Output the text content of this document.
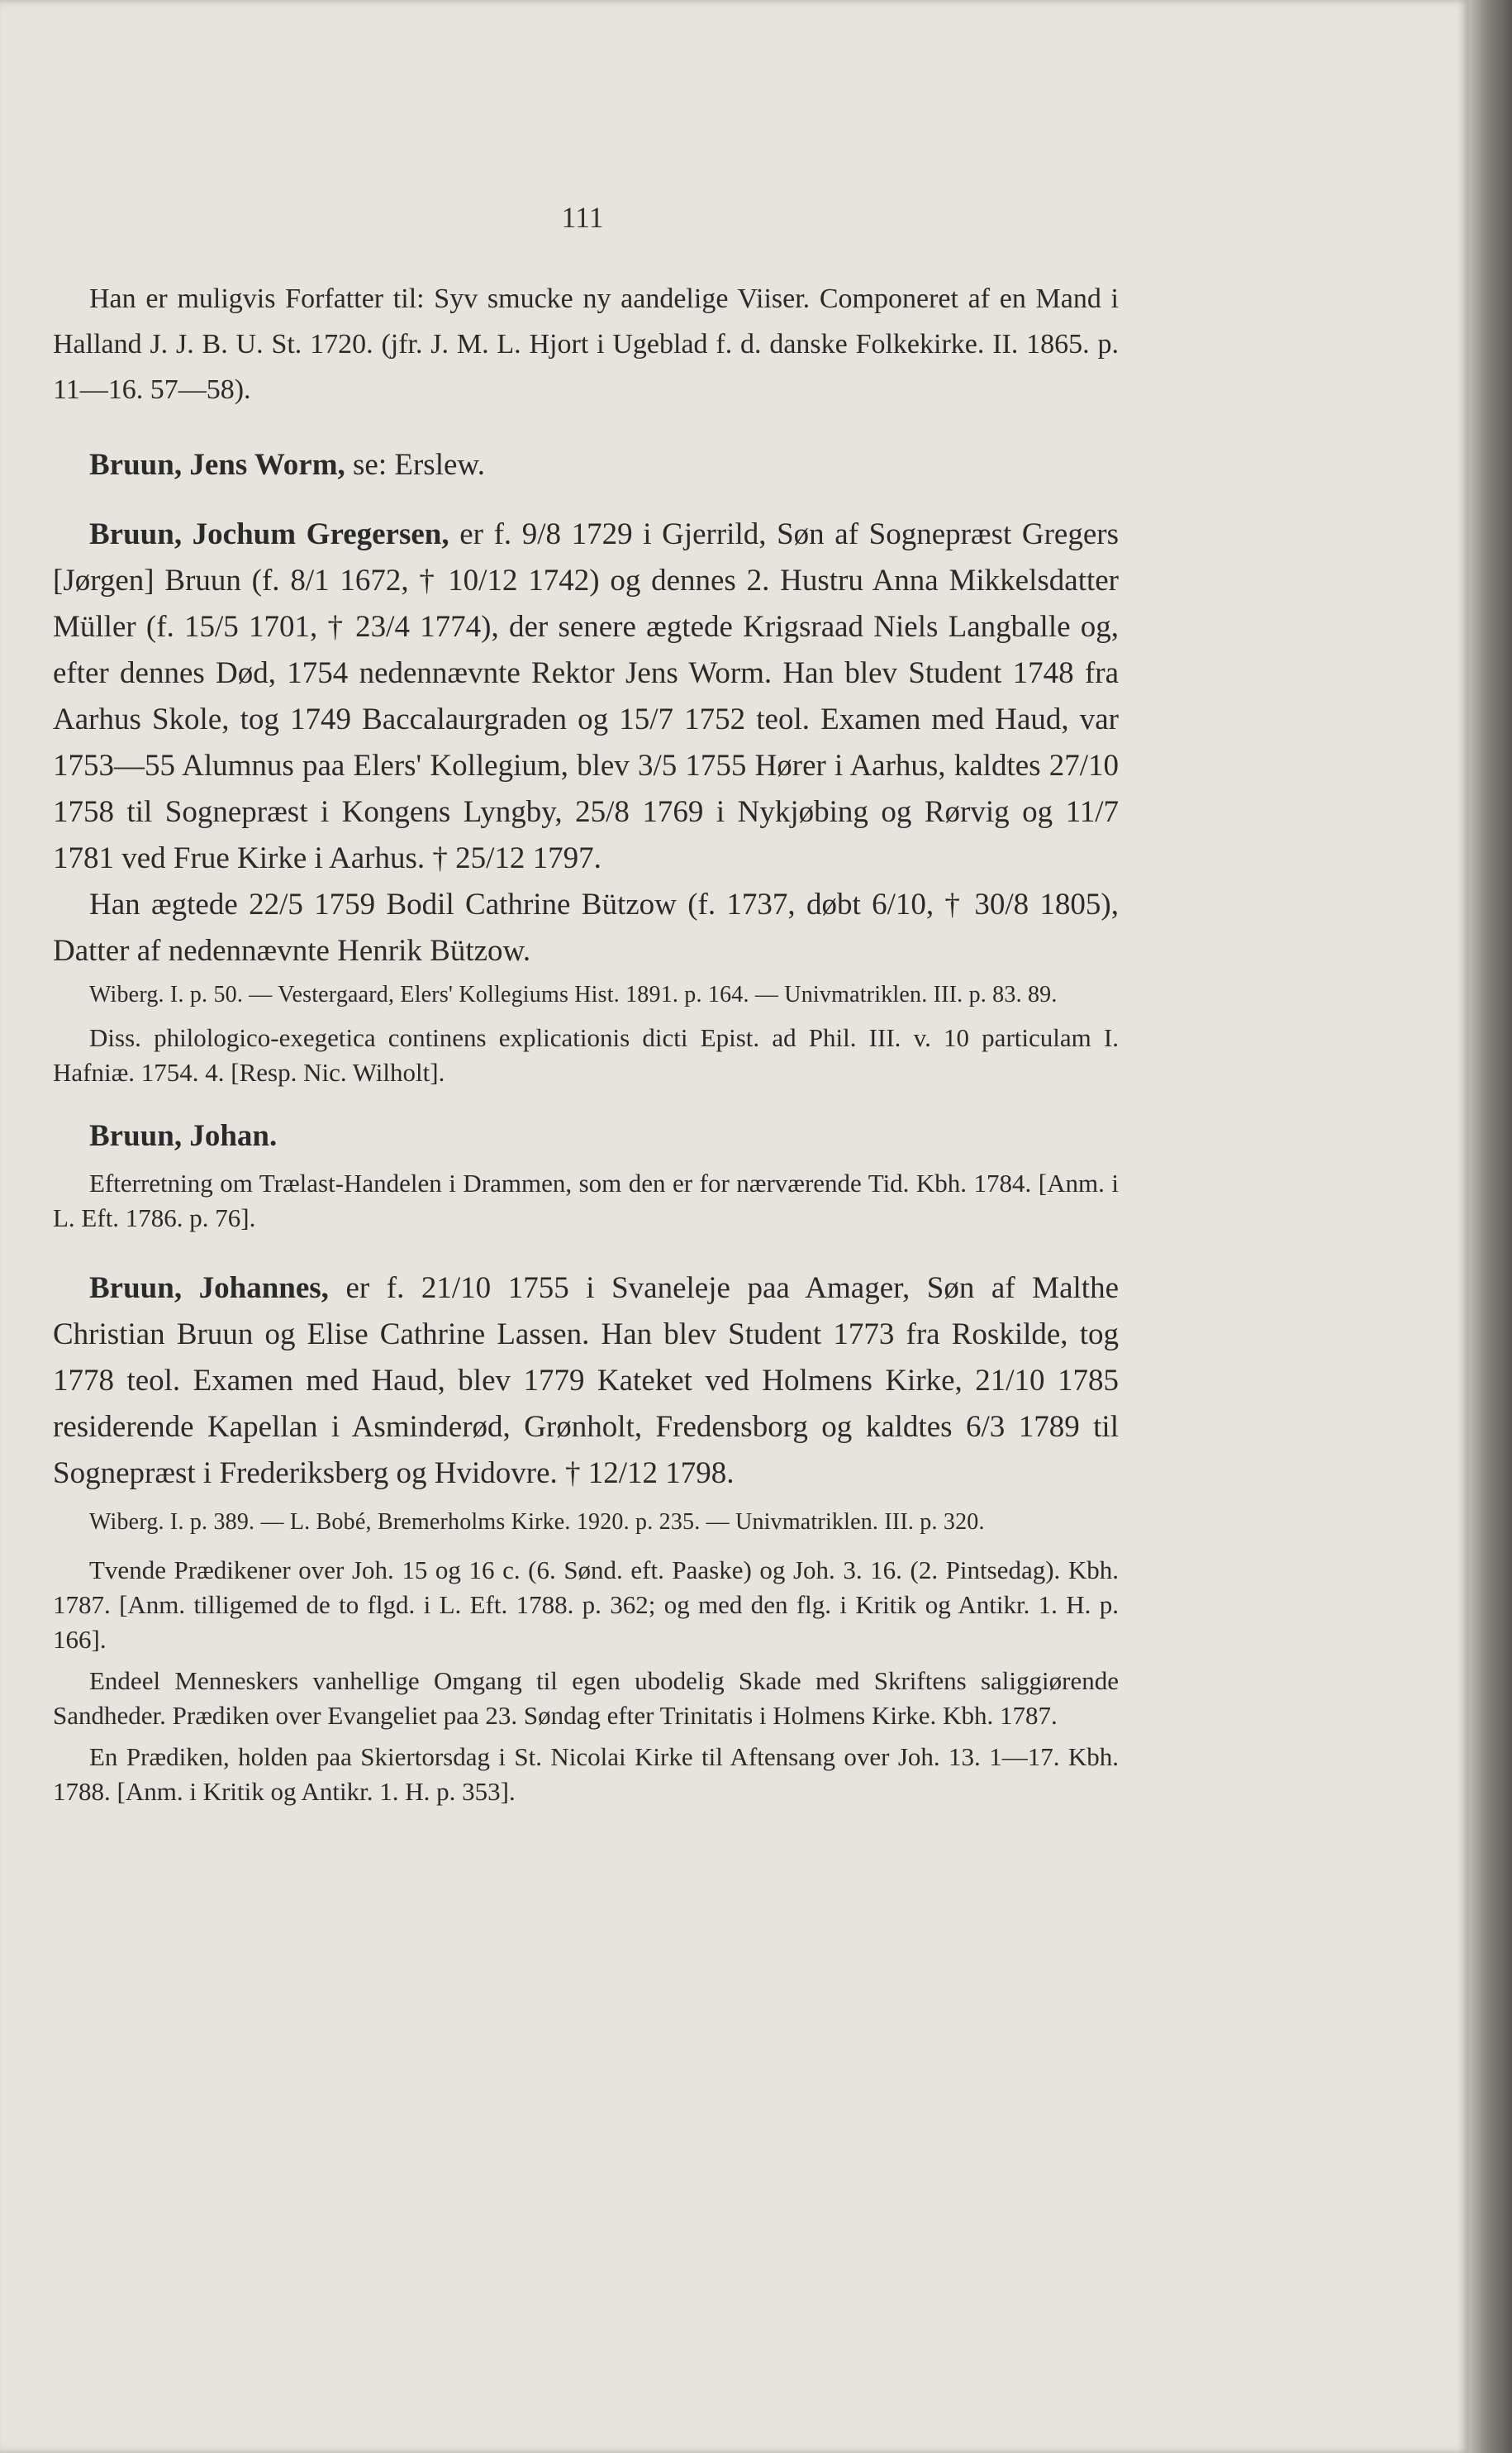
111

Han er muligvis Forfatter til: Syv smucke ny aandelige Viiser. Componeret af en Mand i Halland J. J. B. U. St. 1720. (jfr. J. M. L. Hjort i Ugeblad f. d. danske Folkekirke. II. 1865. p. 11—16. 57—58).

Bruun, Jens Worm, se: Erslew.

Bruun, Jochum Gregersen, er f. 9/8 1729 i Gjerrild, Søn af Sognepræst Gregers [Jørgen] Bruun (f. 8/1 1672, † 10/12 1742) og dennes 2. Hustru Anna Mikkelsdatter Müller (f. 15/5 1701, † 23/4 1774), der senere ægtede Krigsraad Niels Langballe og, efter dennes Død, 1754 nedennævnte Rektor Jens Worm. Han blev Student 1748 fra Aarhus Skole, tog 1749 Baccalaurgraden og 15/7 1752 teol. Examen med Haud, var 1753—55 Alumnus paa Elers' Kollegium, blev 3/5 1755 Hører i Aarhus, kaldtes 27/10 1758 til Sognepræst i Kongens Lyngby, 25/8 1769 i Nykjøbing og Rørvig og 11/7 1781 ved Frue Kirke i Aarhus. † 25/12 1797.

Han ægtede 22/5 1759 Bodil Cathrine Bützow (f. 1737, døbt 6/10, † 30/8 1805), Datter af nedennævnte Henrik Bützow.

Wiberg. I. p. 50. — Vestergaard, Elers' Kollegiums Hist. 1891. p. 164. — Univmatriklen. III. p. 83. 89.

Diss. philologico-exegetica continens explicationis dicti Epist. ad Phil. III. v. 10 particulam I. Hafniæ. 1754. 4. [Resp. Nic. Wilholt].

Bruun, Johan.

Efterretning om Trælast-Handelen i Drammen, som den er for nærværende Tid. Kbh. 1784. [Anm. i L. Eft. 1786. p. 76].

Bruun, Johannes, er f. 21/10 1755 i Svaneleje paa Amager, Søn af Malthe Christian Bruun og Elise Cathrine Lassen. Han blev Student 1773 fra Roskilde, tog 1778 teol. Examen med Haud, blev 1779 Kateket ved Holmens Kirke, 21/10 1785 residerende Kapellan i Asminderød, Grønholt, Fredensborg og kaldtes 6/3 1789 til Sognepræst i Frederiksberg og Hvidovre. † 12/12 1798.

Wiberg. I. p. 389. — L. Bobé, Bremerholms Kirke. 1920. p. 235. — Univmatriklen. III. p. 320.

Tvende Prædikener over Joh. 15 og 16 c. (6. Sønd. eft. Paaske) og Joh. 3. 16. (2. Pintsedag). Kbh. 1787. [Anm. tilligemed de to flgd. i L. Eft. 1788. p. 362; og med den flg. i Kritik og Antikr. 1. H. p. 166].

Endeel Menneskers vanhellige Omgang til egen ubodelig Skade med Skriftens saliggiørende Sandheder. Prædiken over Evangeliet paa 23. Søndag efter Trinitatis i Holmens Kirke. Kbh. 1787.

En Prædiken, holden paa Skiertorsdag i St. Nicolai Kirke til Aftensang over Joh. 13. 1—17. Kbh. 1788. [Anm. i Kritik og Antikr. 1. H. p. 353].
